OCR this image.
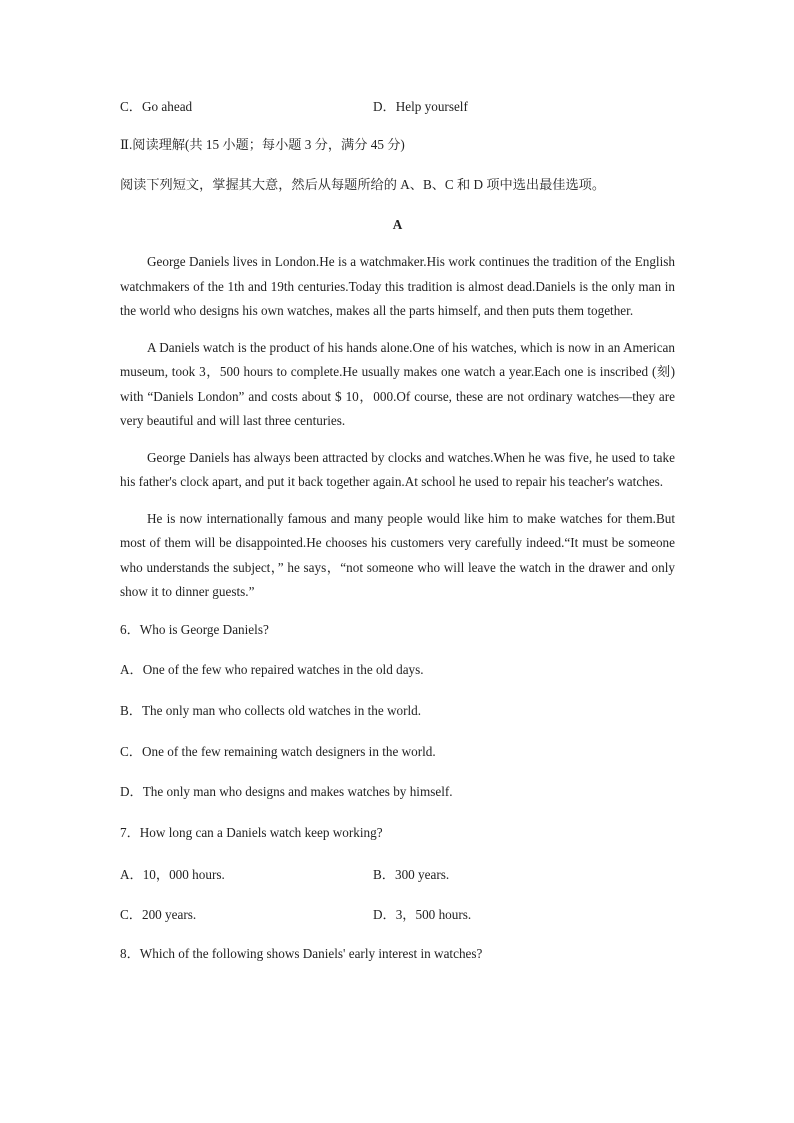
C．Go ahead	D．Help yourself
Ⅱ.阅读理解(共 15 小题；每小题 3 分，满分 45 分)
阅读下列短文，掌握其大意，然后从每题所给的 A、B、C 和 D 项中选出最佳选项。
A

George Daniels lives in London.He is a watchmaker.His work continues the tradition of the English watchmakers of the 1th and 19th centuries.Today this tradition is almost dead.Daniels is the only man in the world who designs his own watches, makes all the parts himself, and then puts them together.

A Daniels watch is the product of his hands alone.One of his watches, which is now in an American museum, took 3，500 hours to complete.He usually makes one watch a year.Each one is inscribed (刻) with “Daniels London” and costs about $ 10，000.Of course, these are not ordinary watches—they are very beautiful and will last three centuries.

George Daniels has always been attracted by clocks and watches.When he was five, he used to take his father's clock apart, and put it back together again.At school he used to repair his teacher's watches.

He is now internationally famous and many people would like him to make watches for them.But most of them will be disappointed.He chooses his customers very carefully indeed.“It must be someone who understands the subject，” he says，“not someone who will leave the watch in the drawer and only show it to dinner guests.”

6．Who is George Daniels?
A．One of the few who repaired watches in the old days.
B．The only man who collects old watches in the world.
C．One of the few remaining watch designers in the world.
D．The only man who designs and makes watches by himself.
7．How long can a Daniels watch keep working?
A．10，000 hours.	B．300 years.
C．200 years.	D．3，500 hours.
8．Which of the following shows Daniels' early interest in watches?
